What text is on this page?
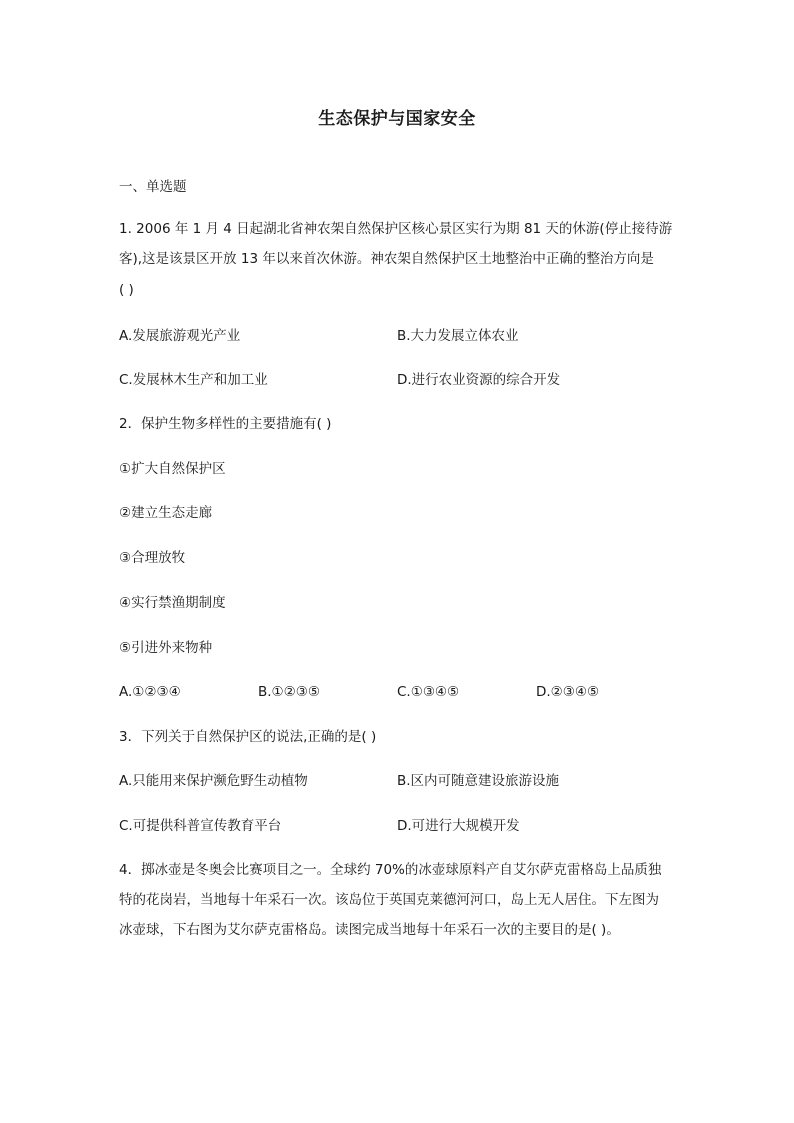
生态保护与国家安全
一、单选题
1. 2006 年 1 月 4 日起湖北省神农架自然保护区核心景区实行为期 81 天的休游(停止接待游
客),这是该景区开放 13 年以来首次休游。神农架自然保护区土地整治中正确的整治方向是
( )
A.发展旅游观光产业	B.大力发展立体农业
C.发展林木生产和加工业	D.进行农业资源的综合开发
2．保护生物多样性的主要措施有( )
①扩大自然保护区
②建立生态走廊
③合理放牧
④实行禁渔期制度
⑤引进外来物种
A.①②③④	B.①②③⑤	C.①③④⑤	D.②③④⑤
3．下列关于自然保护区的说法,正确的是( )
A.只能用来保护濒危野生动植物	B.区内可随意建设旅游设施
C.可提供科普宣传教育平台	D.可进行大规模开发
4．掷冰壶是冬奥会比赛项目之一。全球约 70%的冰壶球原料产自艾尔萨克雷格岛上品质独
特的花岗岩，当地每十年采石一次。该岛位于英国克莱德河河口，岛上无人居住。下左图为
冰壶球，下右图为艾尔萨克雷格岛。读图完成当地每十年采石一次的主要目的是( )。
